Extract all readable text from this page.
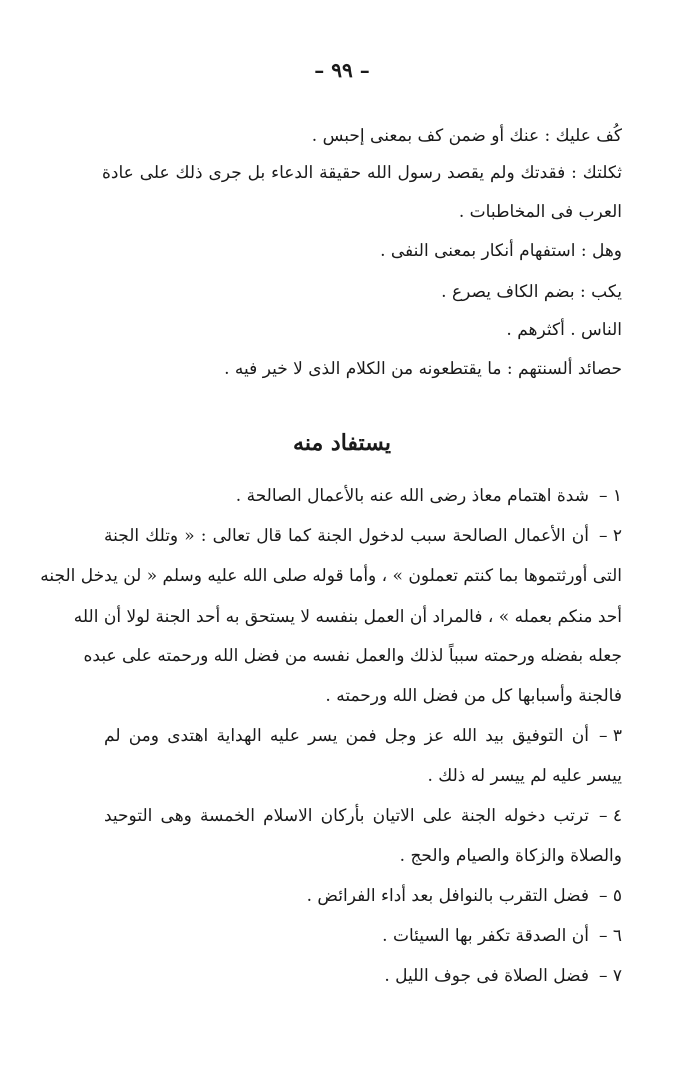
– ٩٩ –
كُف عليك : عنك أو ضمن كف بمعنى إحبس .
ثكلتك : فقدتك ولم يقصد رسول الله حقيقة الدعاء بل جرى ذلك على عادة
العرب فى المخاطبات .
وهل : استفهام أنكار بمعنى النفى .
يكب : بضم الكاف يصرع .
الناس . أكثرهم .
حصائد ألسنتهم : ما يقتطعونه من الكلام الذى لا خير فيه .
يستفاد منه
١ –شدة اهتمام معاذ رضى الله عنه بالأعمال الصالحة .
٢ –أن الأعمال الصالحة سبب لدخول الجنة كما قال تعالى : « وتلك الجنة
التى أورثتموها بما كنتم تعملون » ، وأما قوله صلى الله عليه وسلم « لن يدخل الجنه
أحد منكم بعمله » ، فالمراد أن العمل بنفسه لا يستحق به أحد الجنة لولا أن الله
جعله بفضله ورحمته سبباً لذلك والعمل نفسه من فضل الله ورحمته على عبده
فالجنة وأسبابها كل من فضل الله ورحمته .
٣ –أن التوفيق بيد الله عز وجل فمن يسر عليه الهداية اهتدى ومن لم
ييسر عليه لم ييسر له ذلك .
٤ –ترتب دخوله الجنة على الاتيان بأركان الاسلام الخمسة وهى التوحيد
والصلاة والزكاة والصيام والحج .
٥ –فضل التقرب بالنوافل بعد أداء الفرائض .
٦ –أن الصدقة تكفر بها السيئات .
٧ –فضل الصلاة فى جوف الليل .
